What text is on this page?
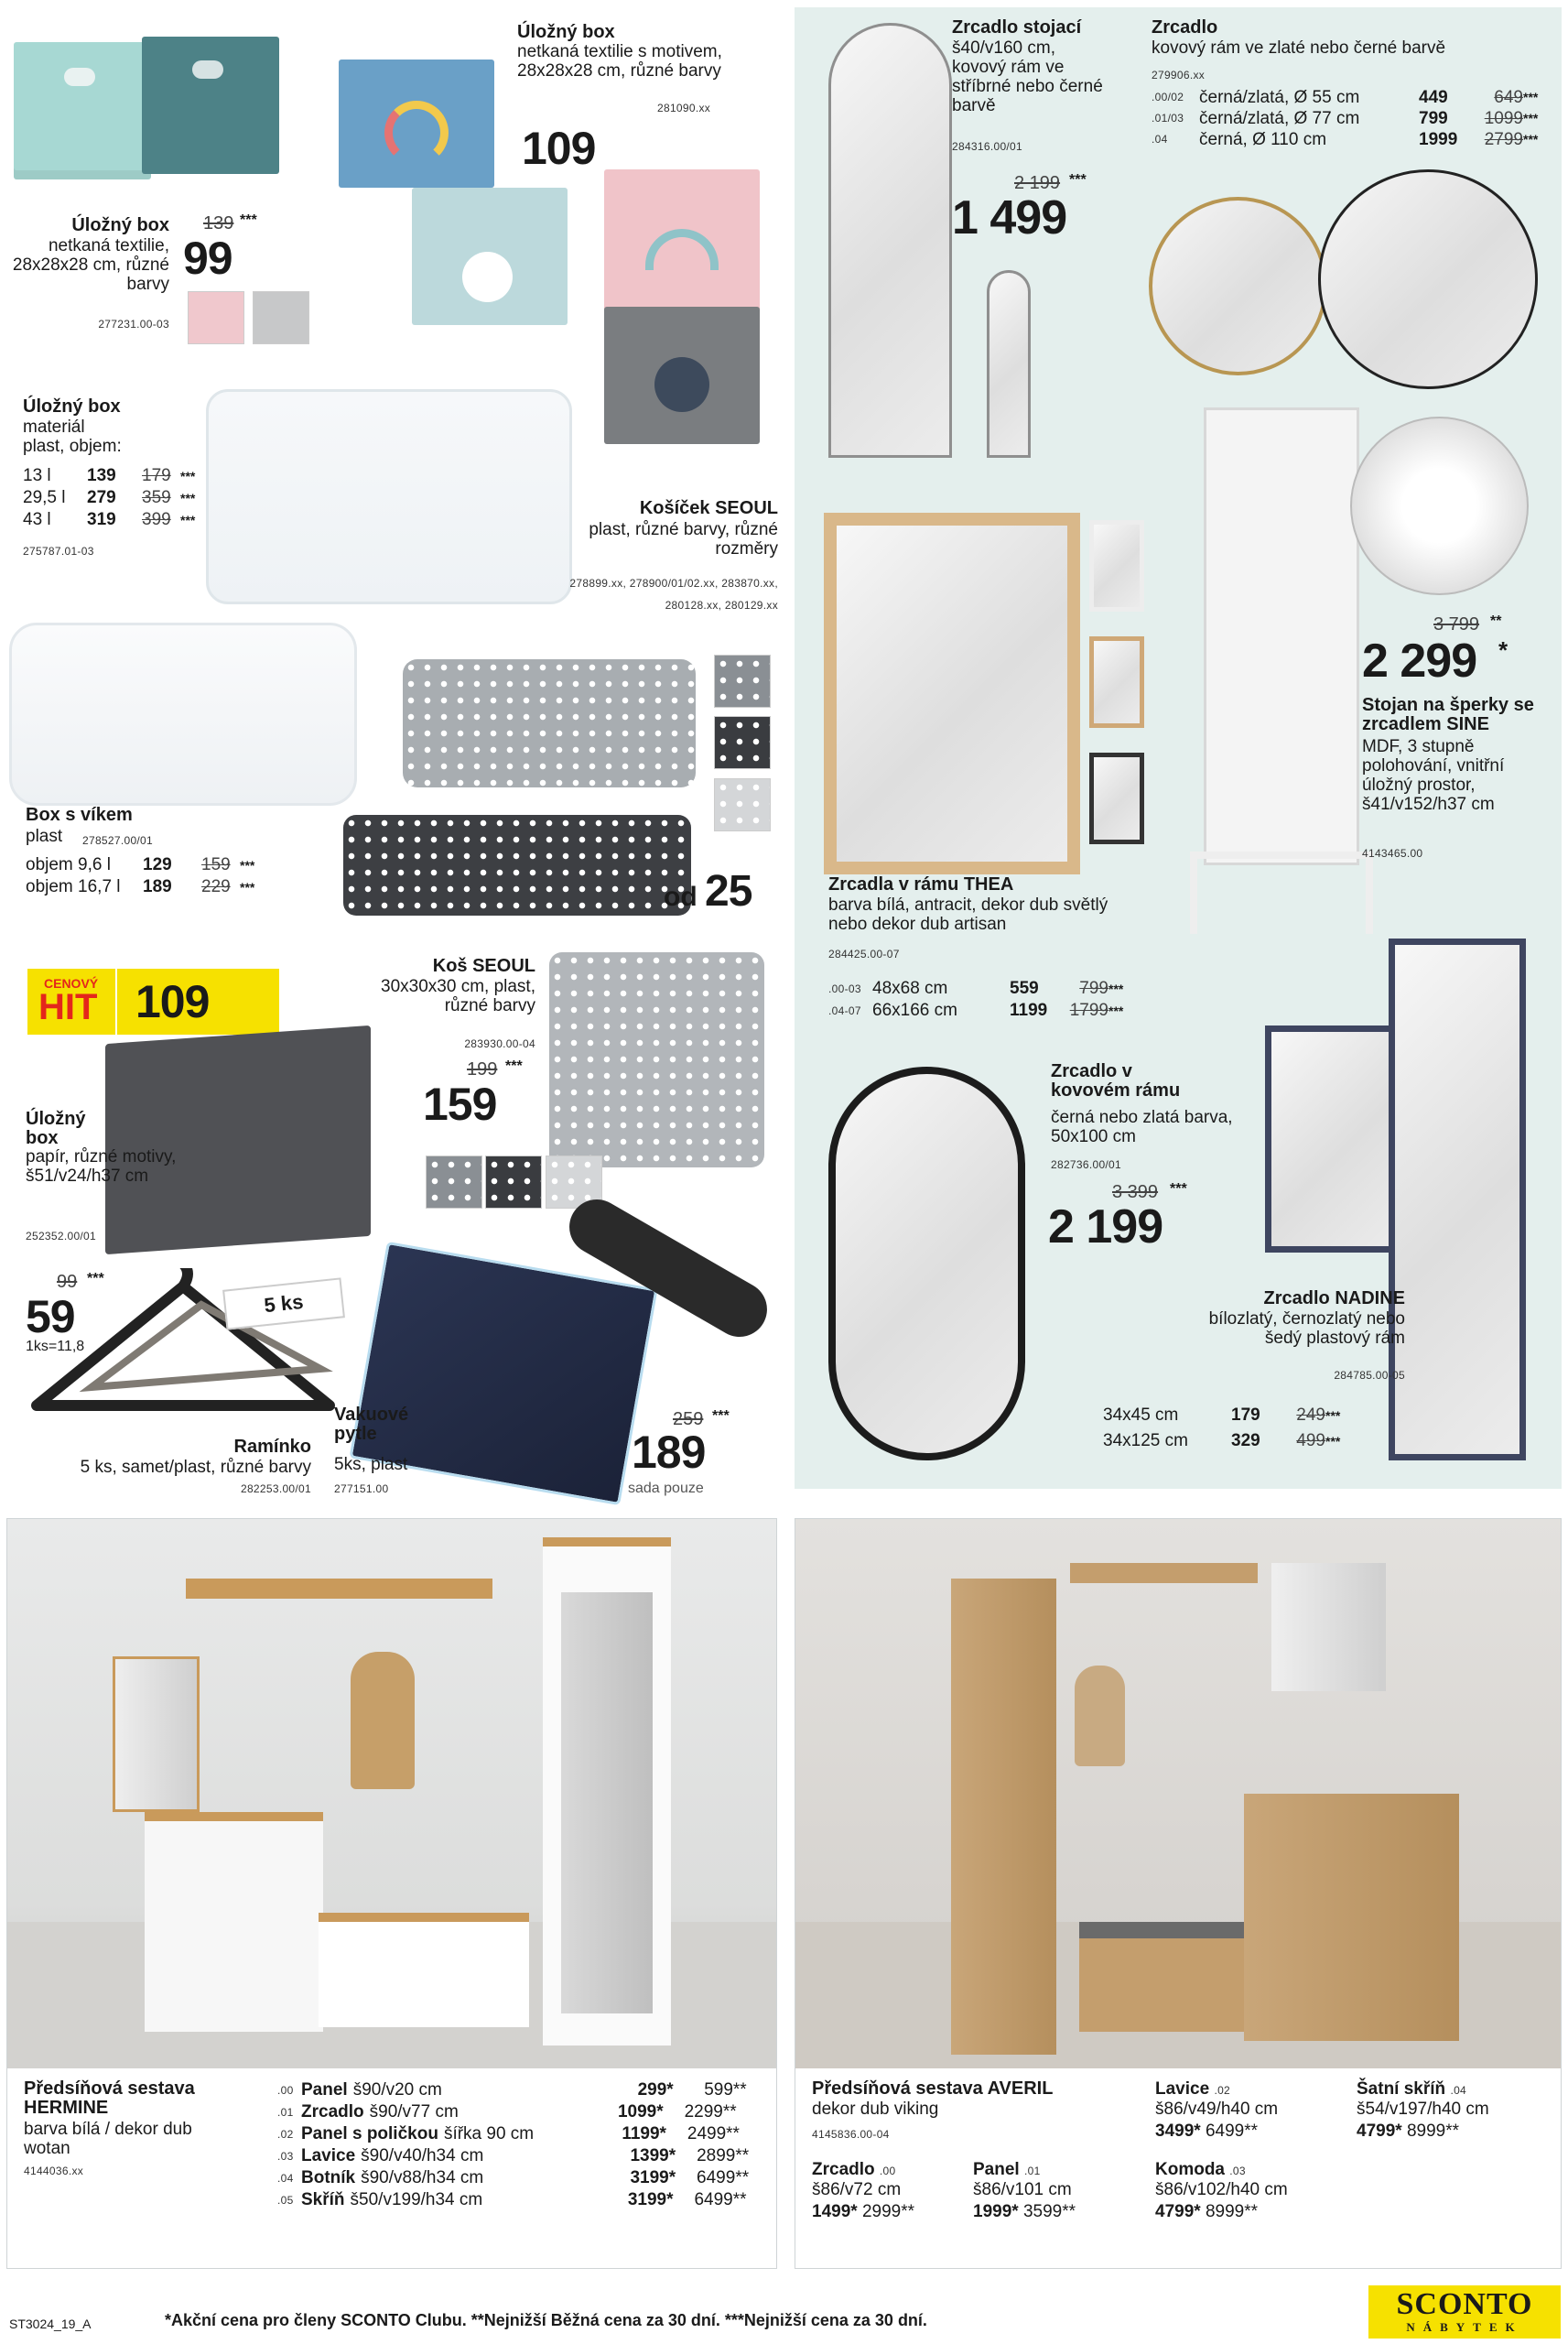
Úložný box
netkaná textilie s motivem, 28x28x28 cm, různé barvy
281090.xx
109
Úložný box
netkaná textilie, 28x28x28 cm, různé barvy
277231.00-03
139 ***
99
Úložný box
materiál plast, objem:
13 l	139	179 ***
29,5 l	279	359 ***
43 l	319	399 ***
275787.01-03
Košíček SEOUL
plast, různé barvy, různé rozměry
278899.xx, 278900/01/02.xx, 283870.xx, 280128.xx, 280129.xx
Box s víkem
plast 278527.00/01
objem 9,6 l	129	159 ***
objem 16,7 l	189	229 ***	od 25
CENOVÝ
HIT 109
Úložný box
papír, různé motivy, š51/v24/h37 cm
252352.00/01
Koš SEOUL
30x30x30 cm, plast, různé barvy
283930.00-04
199 ***
159
99 ***
59
1ks=11,8
5 ks
Ramínko
5 ks, samet/plast, různé barvy
282253.00/01
Vakuové pytle
5ks, plast
277151.00
259 ***
189
sada pouze
Zrcadlo stojací
š40/v160 cm, kovový rám ve stříbrné nebo černé barvě
284316.00/01
2 199 ***
1 499
Zrcadlo
kovový rám ve zlaté nebo černé barvě
279906.xx
.00/02 černá/zlatá, Ø 55 cm	449	649 ***
.01/03 černá/zlatá, Ø 77 cm	799	1099 ***
.04	černá, Ø 110 cm	1999	2799 ***
Zrcadla v rámu THEA
barva bílá, antracit, dekor dub světlý nebo dekor dub artisan
284425.00-07
.00-03 48x68 cm	559	799 ***
.04-07 66x166 cm	1199	1799 ***
3 799 **
2 299 *
Stojan na šperky se zrcadlem SINE
MDF, 3 stupně polohování, vnitřní úložný prostor, š41/v152/h37 cm
4143465.00
Zrcadlo v kovovém rámu
černá nebo zlatá barva, 50x100 cm
282736.00/01
3 399 ***
2 199
Zrcadlo NADINE
bílozlatý, černozlatý nebo šedý plastový rám
284785.00-05
34x45 cm	179	249 ***
34x125 cm	329	499 ***
Předsíňová sestava HERMINE
barva bílá / dekor dub wotan
4144036.xx
.00 Panel š90/v20 cm	299*	599**
.01 Zrcadlo š90/v77 cm	1099*	2299**
.02 Panel s poličkou šířka 90 cm	1199*	2499**
.03 Lavice š90/v40/h34 cm	1399*	2899**
.04 Botník š90/v88/h34 cm	3199*	6499**
.05 Skříň š50/v199/h34 cm	3199*	6499**
Předsíňová sestava AVERIL
dekor dub viking
4145836.00-04
Zrcadlo .00
š86/v72 cm
1499* 2999**
Panel .01
š86/v101 cm
1999* 3599**
Lavice .02
š86/v49/h40 cm
3499* 6499**
Komoda .03
š86/v102/h40 cm
4799* 8999**
Šatní skříň .04
š54/v197/h40 cm
4799* 8999**
ST3024_19_A	*Akční cena pro členy SCONTO Clubu. **Nejnižší Běžná cena za 30 dní. ***Nejnižší cena za 30 dní.	SCONTO
NÁBYTEK
